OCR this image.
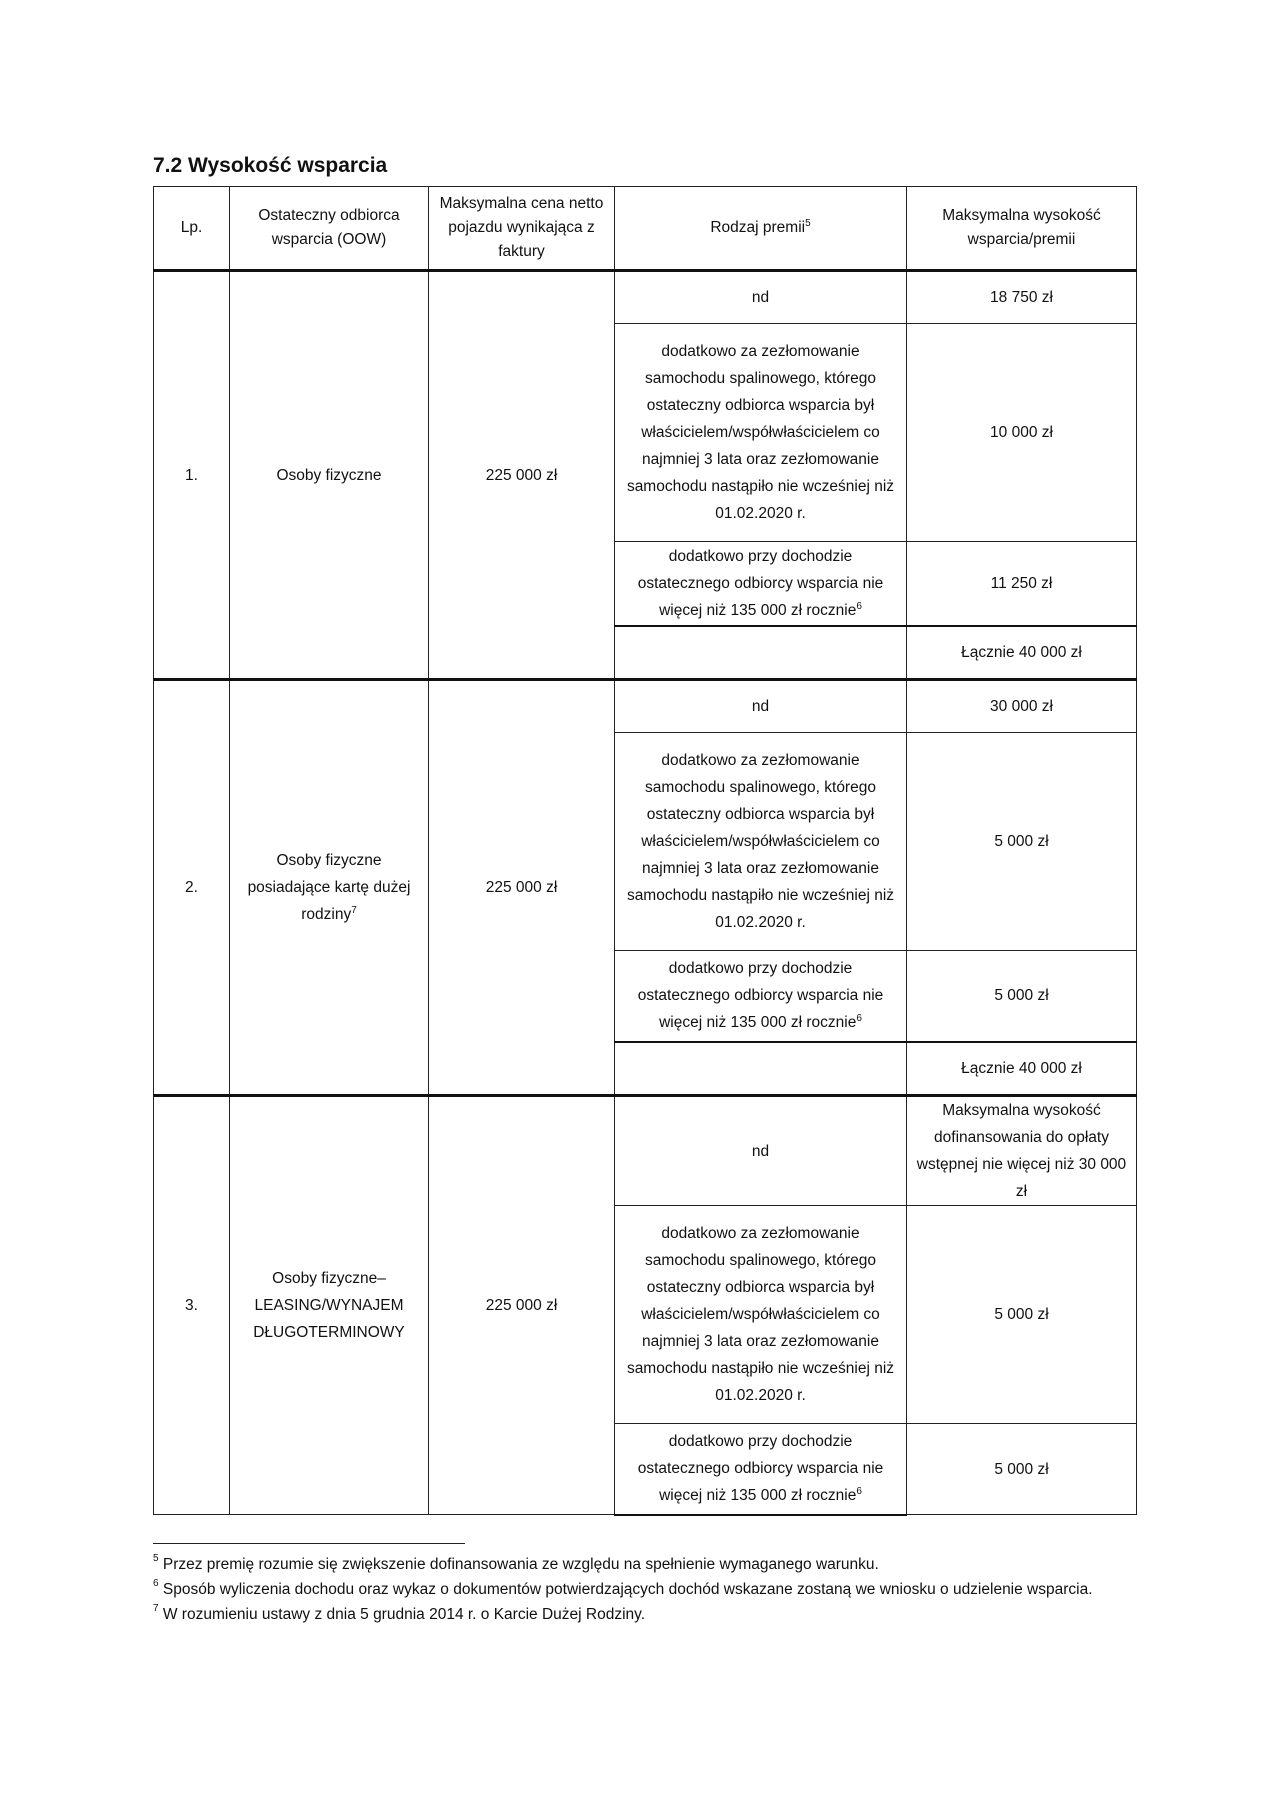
7.2 Wysokość wsparcia
Lp.	Ostateczny odbiorca wsparcia (OOW)	Maksymalna cena netto pojazdu wynikająca z faktury	Rodzaj premii$^5$	Maksymalna wysokość wsparcia/premii
1.	Osoby fizyczne	225 000 zł	nd	18 750 zł
			dodatkowo za zezłomowanie samochodu spalinowego, którego ostateczny odbiorca wsparcia był właścicielem/współwłaścicielem co najmniej 3 lata oraz zezłomowanie samochodu nastąpiło nie wcześniej niż 01.02.2020 r.	10 000 zł
			dodatkowo przy dochodzie ostatecznego odbiorcy wsparcia nie więcej niż 135 000 zł rocznie$^6$	11 250 zł
				Łącznie 40 000 zł

2.	Osoby fizyczne posiadające kartę dużej rodziny$^7$	225 000 zł	nd	30 000 zł
			dodatkowo za zezłomowanie samochodu spalinowego, którego ostateczny odbiorca wsparcia był właścicielem/współwłaścicielem co najmniej 3 lata oraz zezłomowanie samochodu nastąpiło nie wcześniej niż 01.02.2020 r.	5 000 zł
			dodatkowo przy dochodzie ostatecznego odbiorcy wsparcia nie więcej niż 135 000 zł rocznie$^6$	5 000 zł
				Łącznie 40 000 zł

3.	Osoby fizyczne– LEASING/WYNAJEM DŁUGOTERMINOWY	225 000 zł	nd	Maksymalna wysokość dofinansowania do opłaty wstępnej nie więcej niż 30 000 zł
			dodatkowo za zezłomowanie samochodu spalinowego, którego ostateczny odbiorca wsparcia był właścicielem/współwłaścicielem co najmniej 3 lata oraz zezłomowanie samochodu nastąpiło nie wcześniej niż 01.02.2020 r.	5 000 zł
			dodatkowo przy dochodzie ostatecznego odbiorcy wsparcia nie więcej niż 135 000 zł rocznie$^6$	5 000 zł

$^5$ Przez premię rozumie się zwiększenie dofinansowania ze względu na spełnienie wymaganego warunku.

$^6$ Sposób wyliczenia dochodu oraz wykaz o dokumentów potwierdzających dochód wskazane zostaną we wniosku o udzielenie wsparcia.

$^7$ W rozumieniu ustawy z dnia 5 grudnia 2014 r. o Karcie Dużej Rodziny.
